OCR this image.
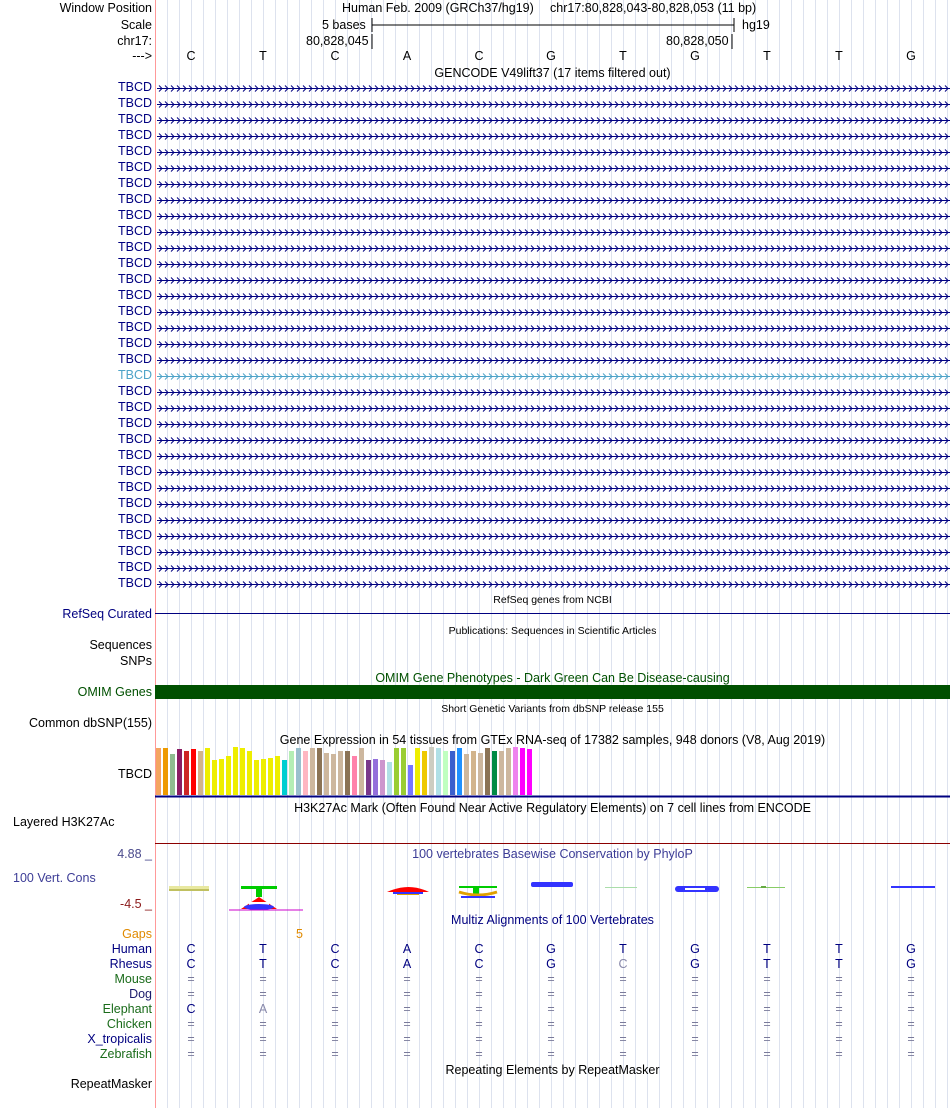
Window Position
Scale
chr17:
--->
Human Feb. 2009 (GRCh37/hg19) chr17:80,828,043-80,828,053 (11 bp)
5 bases	hg19
80,828,045	80,828,050
C	T	C	A	C	G	T	G	T	T	G
GENCODE V49lift37 (17 items filtered out)
TBCD
TBCD
TBCD
TBCD
TBCD
TBCD
TBCD
TBCD
TBCD
TBCD
TBCD
TBCD
TBCD
TBCD
TBCD
TBCD
TBCD
TBCD
TBCD
TBCD
TBCD
TBCD
TBCD
TBCD
TBCD
TBCD
TBCD
TBCD
TBCD
TBCD
TBCD
TBCD
RefSeq Curated
RefSeq genes from NCBI
Publications: Sequences in Scientific Articles
Sequences
SNPs
OMIM Gene Phenotypes - Dark Green Can Be Disease-causing
OMIM Genes
Short Genetic Variants from dbSNP release 155
Common dbSNP(155)
Gene Expression in 54 tissues from GTEx RNA-seq of 17382 samples, 948 donors (V8, Aug 2019)
TBCD
H3K27Ac Mark (Often Found Near Active Regulatory Elements) on 7 cell lines from ENCODE
Layered H3K27Ac
4.88 _	100 vertebrates Basewise Conservation by PhyloP
100 Vert. Cons
-4.5 _
Multiz Alignments of 100 Vertebrates
Gaps	5
Human	C	T	C	A	C	G	T	G	T	T	G
Rhesus	C	T	C	A	C	G	C	G	T	T	G
Mouse	=	=	=	=	=	=	=	=	=	=	=
Dog	=	=	=	=	=	=	=	=	=	=	=
Elephant	C	A	=	=	=	=	=	=	=	=	=
Chicken	=	=	=	=	=	=	=	=	=	=	=
X_tropicalis	=	=	=	=	=	=	=	=	=	=	=
Zebrafish	=	=	=	=	=	=	=	=	=	=	=
Repeating Elements by RepeatMasker
RepeatMasker
